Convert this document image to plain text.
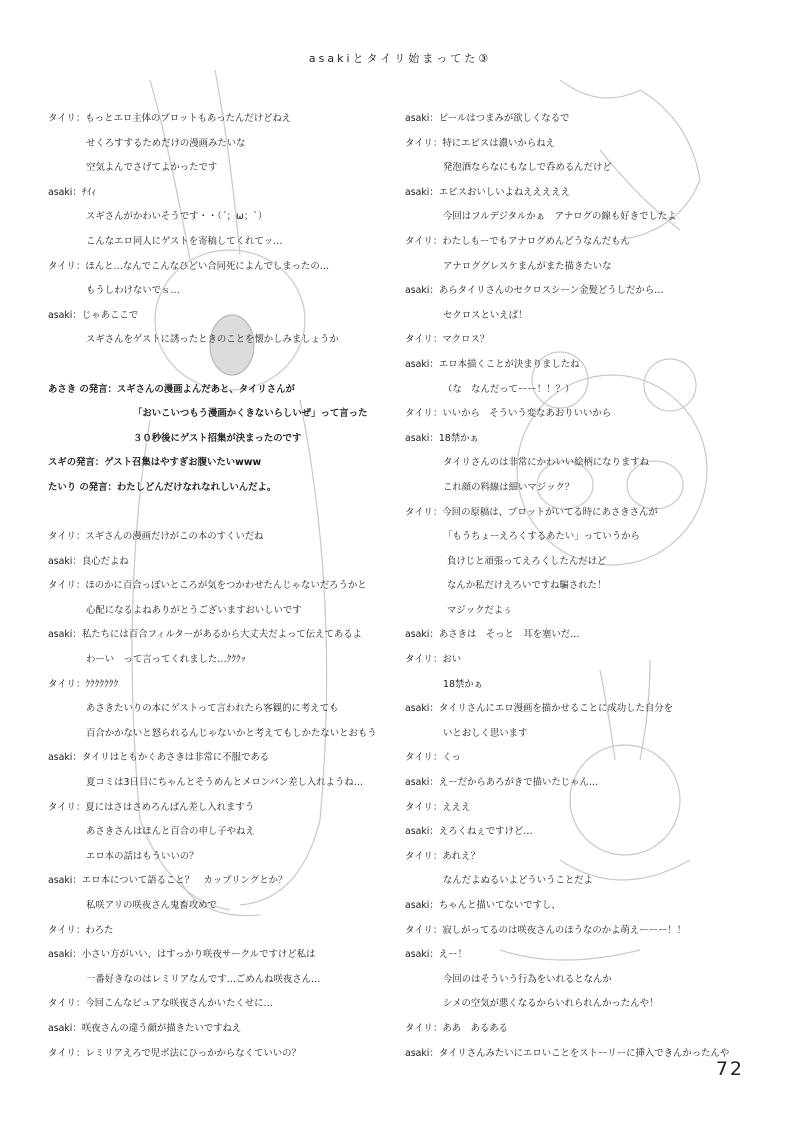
asakiとタイリ始まってた③
タイリ：もっとエロ主体のプロットもあったんだけどねえ
せくろすするためだけの漫画みたいな
空気よんでさげてよかったです
asaki：ﾁｲｨ
スギさんがかわいそうです・・（´；ω；`）
こんなエロ同人にゲストを寄稿してくれてッ…
タイリ：ほんと…なんでこんなひどい合同死によんでしまったの…
もうしわけないでｓ…
asaki：じゃあここで
スギさんをゲストに誘ったときのことを懐かしみましょうか
あさき の発言：スギさんの漫画よんだあと、タイリさんが
「おいこいつもう漫画かくきないらしいぜ」って言った
３０秒後にゲスト招集が決まったのです
スギの発言：ゲスト召集はやすぎお腹いたいwww
たいり の発言：わたしどんだけなれなれしいんだよ。
タイリ：スギさんの漫画だけがこの本のすくいだね
asaki：良心だよね
タイリ：ほのかに百合っぽいところが気をつかわせたんじゃないだろうかと
心配になるよねありがとうございますおいしいです
asaki：私たちには百合フィルターがあるから大丈夫だよって伝えてあるよ
わーい　って言ってくれました…ｸｸｸｯ
タイリ：ｸｸｸｸｸｸｸ
あさきたいりの本にゲストって言われたら客観的に考えても
百合かかないと怒られるんじゃないかと考えてもしかたないとおもう
asaki：タイリはともかくあさきは非常に不服である
夏コミは3日目にちゃんとそうめんとメロンパン差し入れようね…
タイリ：夏にはさはさめろんぱん差し入れますう
あさきさんはほんと百合の申し子やねえ
エロ本の話はもういいの？
asaki：エロ本について語ること？　カップリングとか？
私咲アリの咲夜さん鬼畜攻めで
タイリ：わろた
asaki：小さい方がいい、はすっかり咲夜サークルですけど私は
一番好きなのはレミリアなんです…ごめんね咲夜さん…
タイリ：今回こんなピュアな咲夜さんかいたくせに…
asaki：咲夜さんの違う顔が描きたいですねえ
タイリ：レミリアえろで児ポ法にひっかからなくていいの？
asaki：ビールはつまみが欲しくなるで
タイリ：特にエビスは濃いからねえ
発泡酒ならなにもなしで呑めるんだけど
asaki：エビスおいしいよねえええええ
今回はフルデジタルかぁ　アナログの線も好きでしたよ
タイリ：わたしもーでもアナログめんどうなんだもん
アナロググレスケまんがまた描きたいな
asaki：あらタイリさんのセクロスシーン金髪どうしだから…
セクロスといえば！
タイリ：マクロス？
asaki：エロ本描くことが決まりましたね
（な　なんだってーー！！？）
タイリ：いいから　そういう変なあおりいいから
asaki：18禁かぁ
タイリさんのは非常にかわいい絵柄になりますね
これ顔の料線は細いマジック？
タイリ：今回の原稿は、プロットがいてる時にあさきさんが
「もうちょーえろくするあたい」っていうから
負けじと頑張ってえろくしたんだけど
なんか私だけえろいですね騙された！
マジックだよぅ
asaki：あさきは　そっと　耳を塞いだ…
タイリ：おい
18禁かぁ
asaki：タイリさんにエロ漫画を描かせることに成功した自分を
いとおしく思います
タイリ：くっ
asaki：えーだからあろがきで描いたじゃん…
タイリ：えええ
asaki：えろくねぇですけど…
タイリ：あれえ？
なんだよぬるいよどういうことだよ
asaki：ちゃんと描いてないですし、
タイリ：寂しがってるのは咲夜さんのほうなのかよ萌えーーー！！
asaki：えー！
今回のはそういう行為をいれるとなんか
シメの空気が悪くなるからいれられんかったんや！
タイリ：ああ　あるある
asaki：タイリさんみたいにエロいことをストーリーに挿入できんかったんや
72
